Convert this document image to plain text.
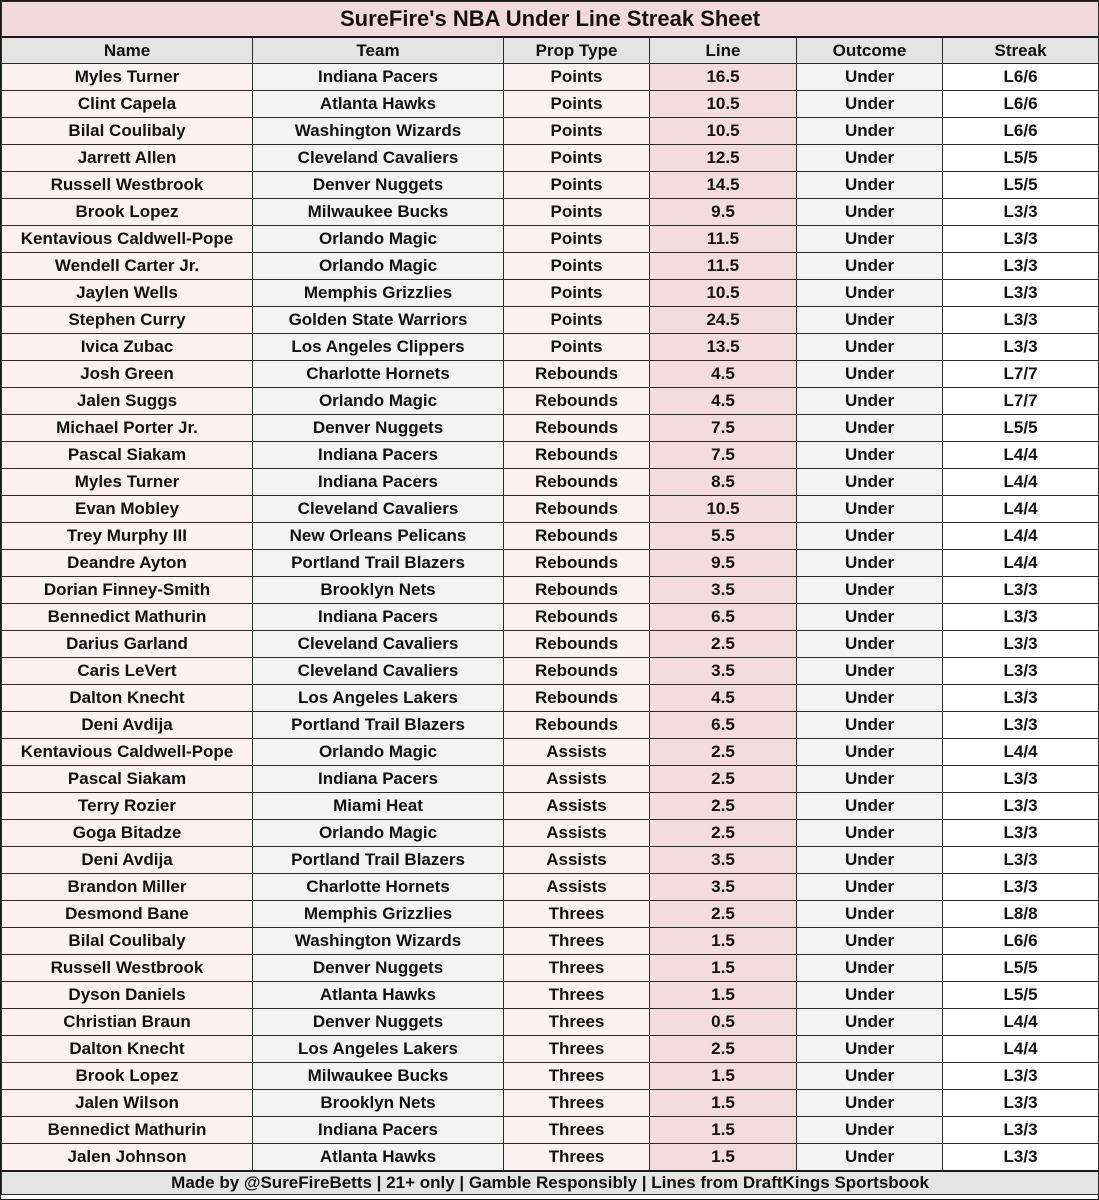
SureFire's NBA Under Line Streak Sheet					
Name	Team	Prop Type	Line	Outcome	Streak
Myles Turner	Indiana Pacers	Points	16.5	Under	L6/6
Clint Capela	Atlanta Hawks	Points	10.5	Under	L6/6
Bilal Coulibaly	Washington Wizards	Points	10.5	Under	L6/6
Jarrett Allen	Cleveland Cavaliers	Points	12.5	Under	L5/5
Russell Westbrook	Denver Nuggets	Points	14.5	Under	L5/5
Brook Lopez	Milwaukee Bucks	Points	9.5	Under	L3/3
Kentavious Caldwell-Pope	Orlando Magic	Points	11.5	Under	L3/3
Wendell Carter Jr.	Orlando Magic	Points	11.5	Under	L3/3
Jaylen Wells	Memphis Grizzlies	Points	10.5	Under	L3/3
Stephen Curry	Golden State Warriors	Points	24.5	Under	L3/3
Ivica Zubac	Los Angeles Clippers	Points	13.5	Under	L3/3
Josh Green	Charlotte Hornets	Rebounds	4.5	Under	L7/7
Jalen Suggs	Orlando Magic	Rebounds	4.5	Under	L7/7
Michael Porter Jr.	Denver Nuggets	Rebounds	7.5	Under	L5/5
Pascal Siakam	Indiana Pacers	Rebounds	7.5	Under	L4/4
Myles Turner	Indiana Pacers	Rebounds	8.5	Under	L4/4
Evan Mobley	Cleveland Cavaliers	Rebounds	10.5	Under	L4/4
Trey Murphy III	New Orleans Pelicans	Rebounds	5.5	Under	L4/4
Deandre Ayton	Portland Trail Blazers	Rebounds	9.5	Under	L4/4
Dorian Finney-Smith	Brooklyn Nets	Rebounds	3.5	Under	L3/3
Bennedict Mathurin	Indiana Pacers	Rebounds	6.5	Under	L3/3
Darius Garland	Cleveland Cavaliers	Rebounds	2.5	Under	L3/3
Caris LeVert	Cleveland Cavaliers	Rebounds	3.5	Under	L3/3
Dalton Knecht	Los Angeles Lakers	Rebounds	4.5	Under	L3/3
Deni Avdija	Portland Trail Blazers	Rebounds	6.5	Under	L3/3
Kentavious Caldwell-Pope	Orlando Magic	Assists	2.5	Under	L4/4
Pascal Siakam	Indiana Pacers	Assists	2.5	Under	L3/3
Terry Rozier	Miami Heat	Assists	2.5	Under	L3/3
Goga Bitadze	Orlando Magic	Assists	2.5	Under	L3/3
Deni Avdija	Portland Trail Blazers	Assists	3.5	Under	L3/3
Brandon Miller	Charlotte Hornets	Assists	3.5	Under	L3/3
Desmond Bane	Memphis Grizzlies	Threes	2.5	Under	L8/8
Bilal Coulibaly	Washington Wizards	Threes	1.5	Under	L6/6
Russell Westbrook	Denver Nuggets	Threes	1.5	Under	L5/5
Dyson Daniels	Atlanta Hawks	Threes	1.5	Under	L5/5
Christian Braun	Denver Nuggets	Threes	0.5	Under	L4/4
Dalton Knecht	Los Angeles Lakers	Threes	2.5	Under	L4/4
Brook Lopez	Milwaukee Bucks	Threes	1.5	Under	L3/3
Jalen Wilson	Brooklyn Nets	Threes	1.5	Under	L3/3
Bennedict Mathurin	Indiana Pacers	Threes	1.5	Under	L3/3
Jalen Johnson	Atlanta Hawks	Threes	1.5	Under	L3/3
Made by @SureFireBetts | 21+ only | Gamble Responsibly | Lines from DraftKings Sportsbook					
